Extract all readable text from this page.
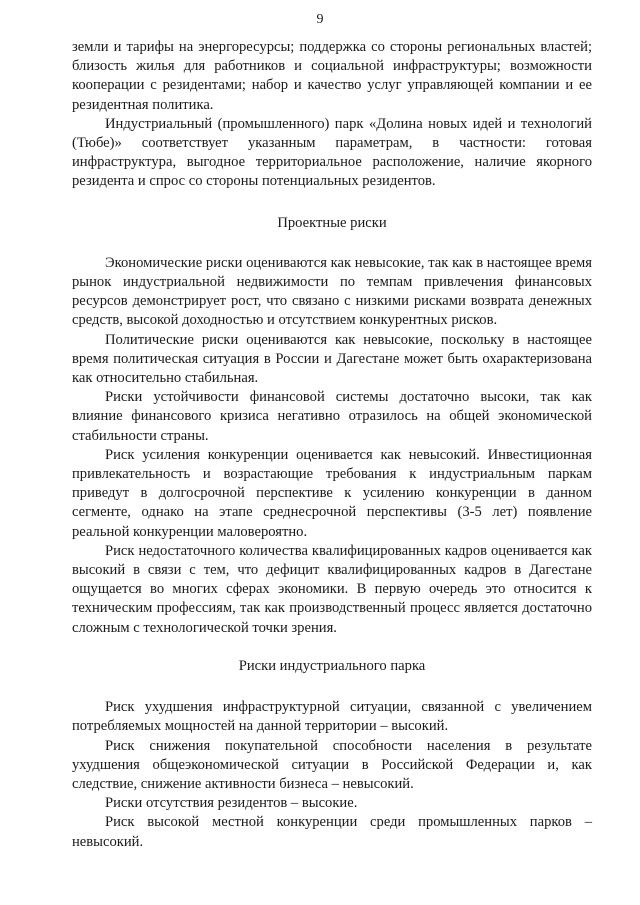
9

земли и тарифы на энергоресурсы; поддержка со стороны региональных властей; близость жилья для работников и социальной инфраструктуры; возможности кооперации с резидентами; набор и качество услуг управляющей компании и ее резидентная политика.

Индустриальный (промышленного) парк «Долина новых идей и технологий (Тюбе)» соответствует указанным параметрам, в частности: готовая инфраструктура, выгодное территориальное расположение, наличие якорного резидента и спрос со стороны потенциальных резидентов.

Проектные риски

Экономические риски оцениваются как невысокие, так как в настоящее время рынок индустриальной недвижимости по темпам привлечения финансовых ресурсов демонстрирует рост, что связано с низкими рисками возврата денежных средств, высокой доходностью и отсутствием конкурентных рисков.

Политические риски оцениваются как невысокие, поскольку в настоящее время политическая ситуация в России и Дагестане может быть охарактеризована как относительно стабильная.

Риски устойчивости финансовой системы достаточно высоки, так как влияние финансового кризиса негативно отразилось на общей экономической стабильности страны.

Риск усиления конкуренции оценивается как невысокий. Инвестиционная привлекательность и возрастающие требования к индустриальным паркам приведут в долгосрочной перспективе к усилению конкуренции в данном сегменте, однако на этапе среднесрочной перспективы (3-5 лет) появление реальной конкуренции маловероятно.

Риск недостаточного количества квалифицированных кадров оценивается как высокий в связи с тем, что дефицит квалифицированных кадров в Дагестане ощущается во многих сферах экономики. В первую очередь это относится к техническим профессиям, так как производственный процесс является достаточно сложным с технологической точки зрения.

Риски индустриального парка

Риск ухудшения инфраструктурной ситуации, связанной с увеличением потребляемых мощностей на данной территории – высокий.

Риск снижения покупательной способности населения в результате ухудшения общеэкономической ситуации в Российской Федерации и, как следствие, снижение активности бизнеса – невысокий.

Риски отсутствия резидентов – высокие.

Риск высокой местной конкуренции среди промышленных парков – невысокий.
